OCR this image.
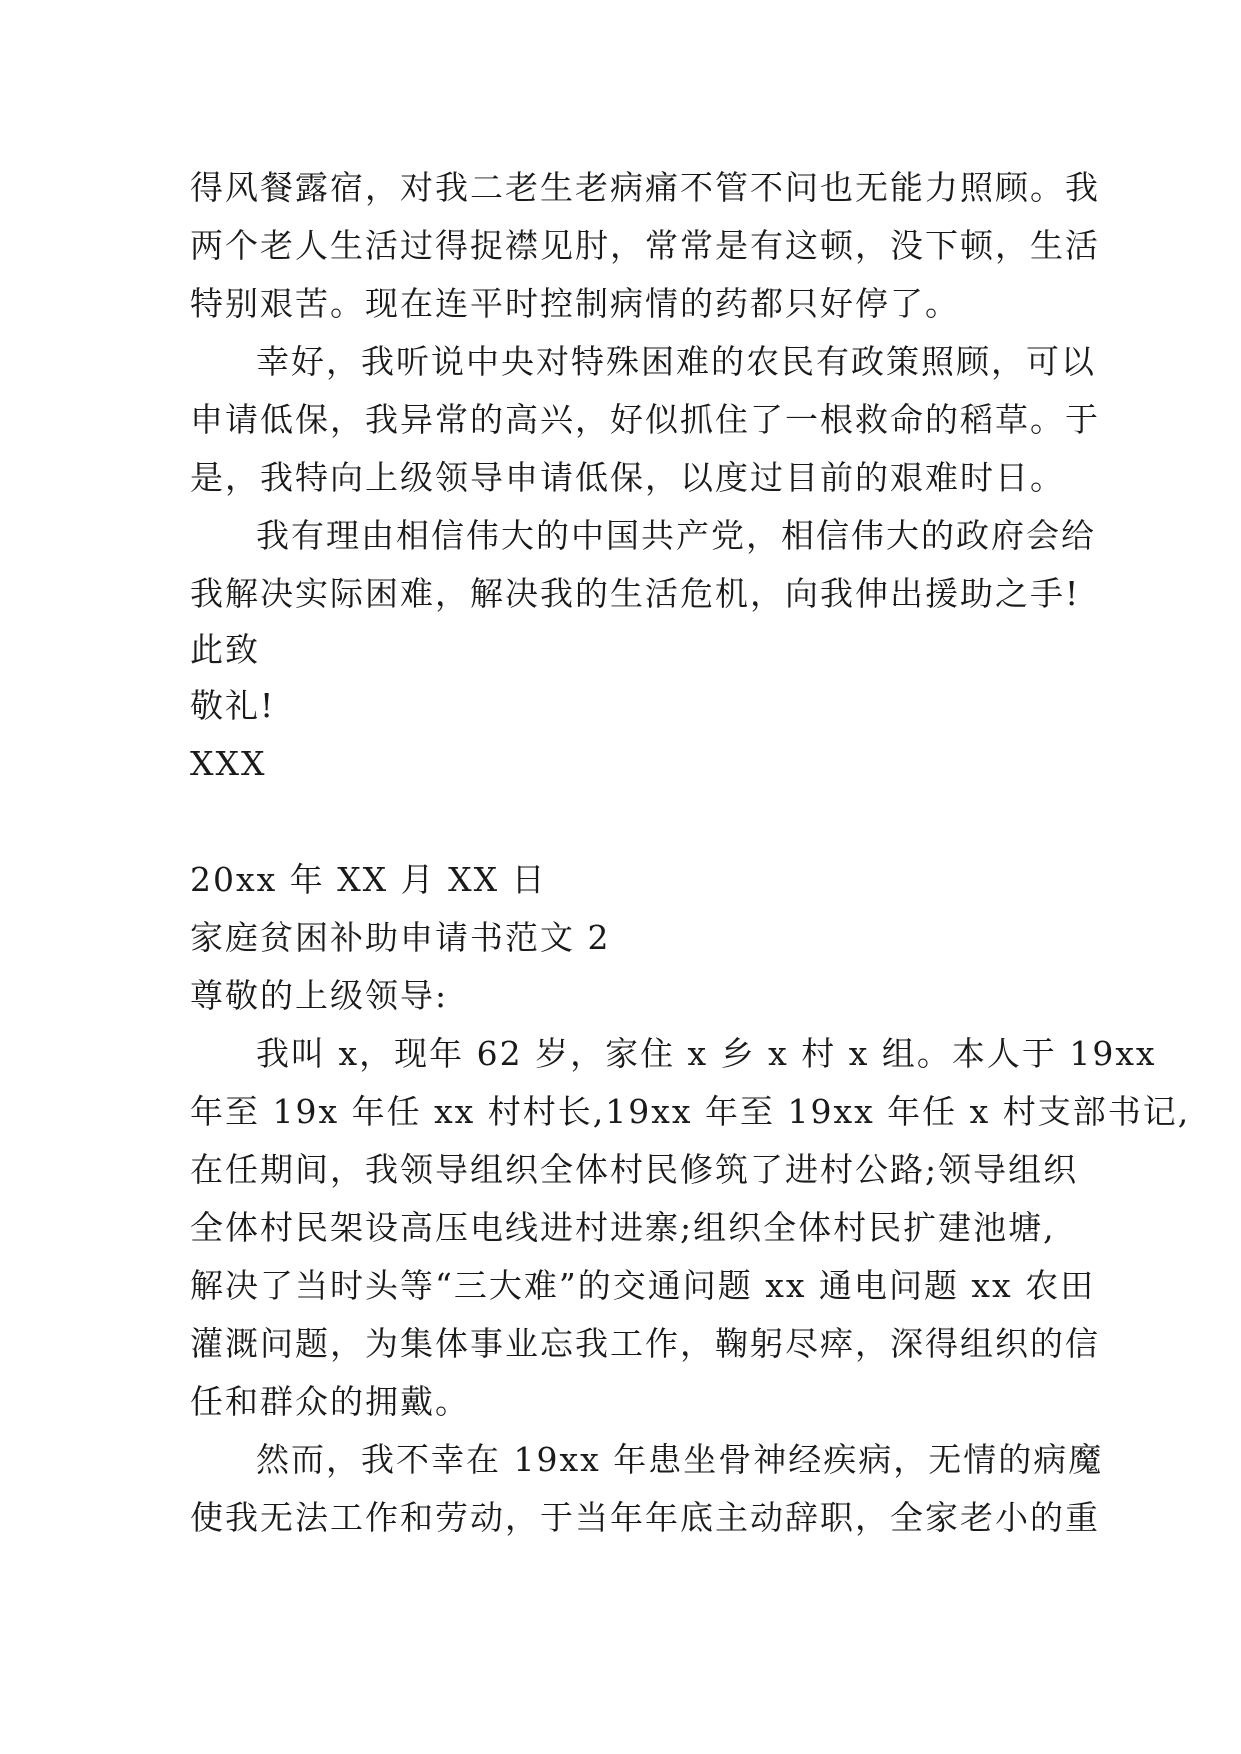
得风餐露宿，对我二老生老病痛不管不问也无能力照顾。我
两个老人生活过得捉襟见肘，常常是有这顿，没下顿，生活
特别艰苦。现在连平时控制病情的药都只好停了。
幸好，我听说中央对特殊困难的农民有政策照顾，可以
申请低保，我异常的高兴，好似抓住了一根救命的稻草。于
是，我特向上级领导申请低保，以度过目前的艰难时日。
我有理由相信伟大的中国共产党，相信伟大的政府会给
我解决实际困难，解决我的生活危机，向我伸出援助之手!
此致
敬礼!
XXX
20xx 年 XX 月 XX 日
家庭贫困补助申请书范文 2
尊敬的上级领导:
我叫 x，现年 62 岁，家住 x 乡 x 村 x 组。本人于 19xx
年至 19x 年任 xx 村村长,19xx 年至 19xx 年任 x 村支部书记,
在任期间，我领导组织全体村民修筑了进村公路;领导组织
全体村民架设高压电线进村进寨;组织全体村民扩建池塘,
解决了当时头等“三大难”的交通问题 xx 通电问题 xx 农田
灌溉问题，为集体事业忘我工作，鞠躬尽瘁，深得组织的信
任和群众的拥戴。
然而，我不幸在 19xx 年患坐骨神经疾病，无情的病魔
使我无法工作和劳动，于当年年底主动辞职，全家老小的重
